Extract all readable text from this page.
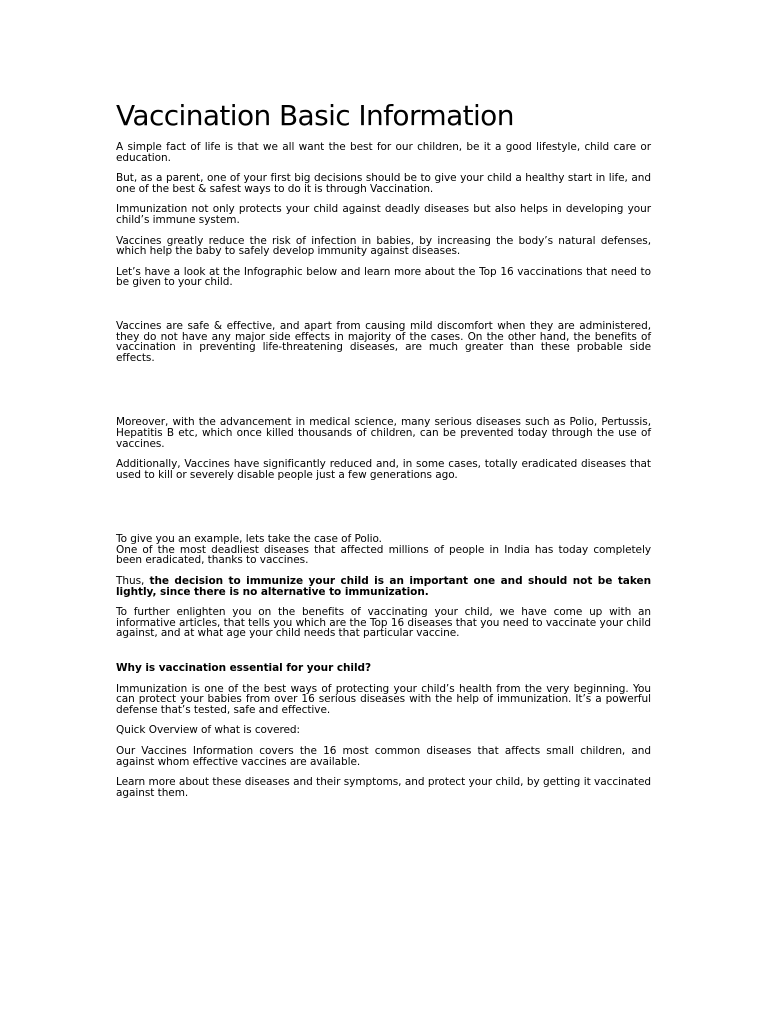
Vaccination Basic Information

A simple fact of life is that we all want the best for our children, be it a good lifestyle, child care or education.

But, as a parent, one of your first big decisions should be to give your child a healthy start in life, and one of the best & safest ways to do it is through Vaccination.

Immunization not only protects your child against deadly diseases but also helps in developing your child’s immune system.

Vaccines greatly reduce the risk of infection in babies, by increasing the body’s natural defenses, which help the baby to safely develop immunity against diseases.

Let’s have a look at the Infographic below and learn more about the Top 16 vaccinations that need to be given to your child.

Vaccines are safe & effective, and apart from causing mild discomfort when they are administered, they do not have any major side effects in majority of the cases. On the other hand, the benefits of vaccination in preventing life-threatening diseases, are much greater than these probable side effects.

Moreover, with the advancement in medical science, many serious diseases such as Polio, Pertussis, Hepatitis B etc, which once killed thousands of children, can be prevented today through the use of vaccines.

Additionally, Vaccines have significantly reduced and, in some cases, totally eradicated diseases that used to kill or severely disable people just a few generations ago.

To give you an example, lets take the case of Polio.

One of the most deadliest diseases that affected millions of people in India has today completely been eradicated, thanks to vaccines.

Thus, the decision to immunize your child is an important one and should not be taken lightly, since there is no alternative to immunization.

To further enlighten you on the benefits of vaccinating your child, we have come up with an informative articles, that tells you which are the Top 16 diseases that you need to vaccinate your child against, and at what age your child needs that particular vaccine.

Why is vaccination essential for your child?

Immunization is one of the best ways of protecting your child’s health from the very beginning. You can protect your babies from over 16 serious diseases with the help of immunization. It’s a powerful defense that’s tested, safe and effective.

Quick Overview of what is covered:

Our Vaccines Information covers the 16 most common diseases that affects small children, and against whom effective vaccines are available.

Learn more about these diseases and their symptoms, and protect your child, by getting it vaccinated against them.
